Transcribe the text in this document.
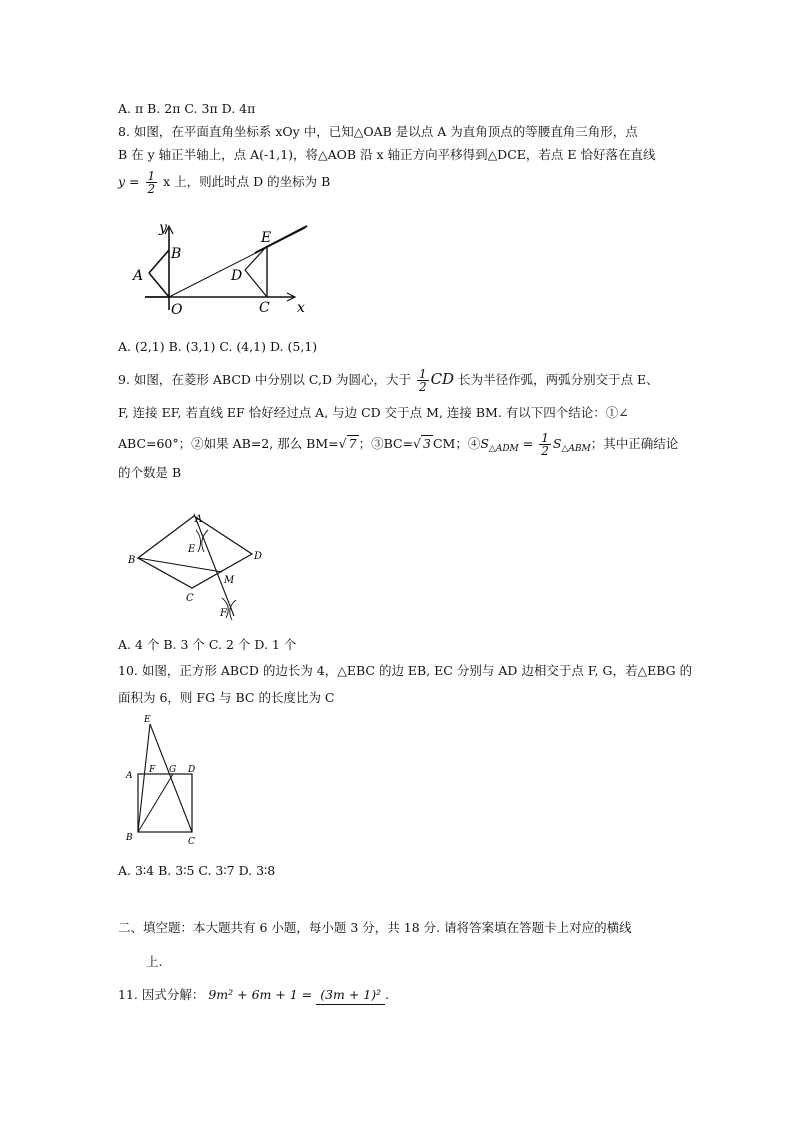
A. π B. 2π C. 3π D. 4π
8. 如图，在平面直角坐标系 xOy 中，已知△OAB 是以点 A 为直角顶点的等腰直角三角形，点
B 在 y 轴正半轴上，点 A(-1,1)，将△AOB 沿 x 轴正方向平移得到△DCE，若点 E 恰好落在直线
$y = \frac{1}{2}$ x 上，则此时点 D 的坐标为 B
y
x
B
A
O
E
D
C
A. (2,1) B. (3,1) C. (4,1) D. (5,1)
9. 如图，在菱形 ABCD 中分别以 C,D 为圆心，大于 $\frac{1}{2}$ CD 长为半径作弧，两弧分别交于点 E、
F, 连接 EF, 若直线 EF 恰好经过点 A, 与边 CD 交于点 M, 连接 BM. 有以下四个结论：①∠
ABC=60°；②如果 AB=2, 那么 BM=√ 7 ；③BC=√ 3 CM；$④S_{\triangle ADM} = \frac{1}{2} S_{\triangle ABM}$；其中正确结论
的个数是 B
A
B
C
D
E
M
F
A. 4 个 B. 3 个 C. 2 个 D. 1 个
10. 如图，正方形 ABCD 的边长为 4，△EBC 的边 EB, EC 分别与 AD 边相交于点 F, G，若△EBG 的
面积为 6，则 FG 与 BC 的长度比为 C
E
A
F G D
B	C
A. 3∶4 B. 3∶5 C. 3∶7 D. 3∶8
二、填空题：本大题共有 6 小题，每小题 3 分，共 18 分. 请将答案填在答题卡上对应的横线
上.
11. 因式分解： 9m² + 6m + 1 = (3m + 1)² .
